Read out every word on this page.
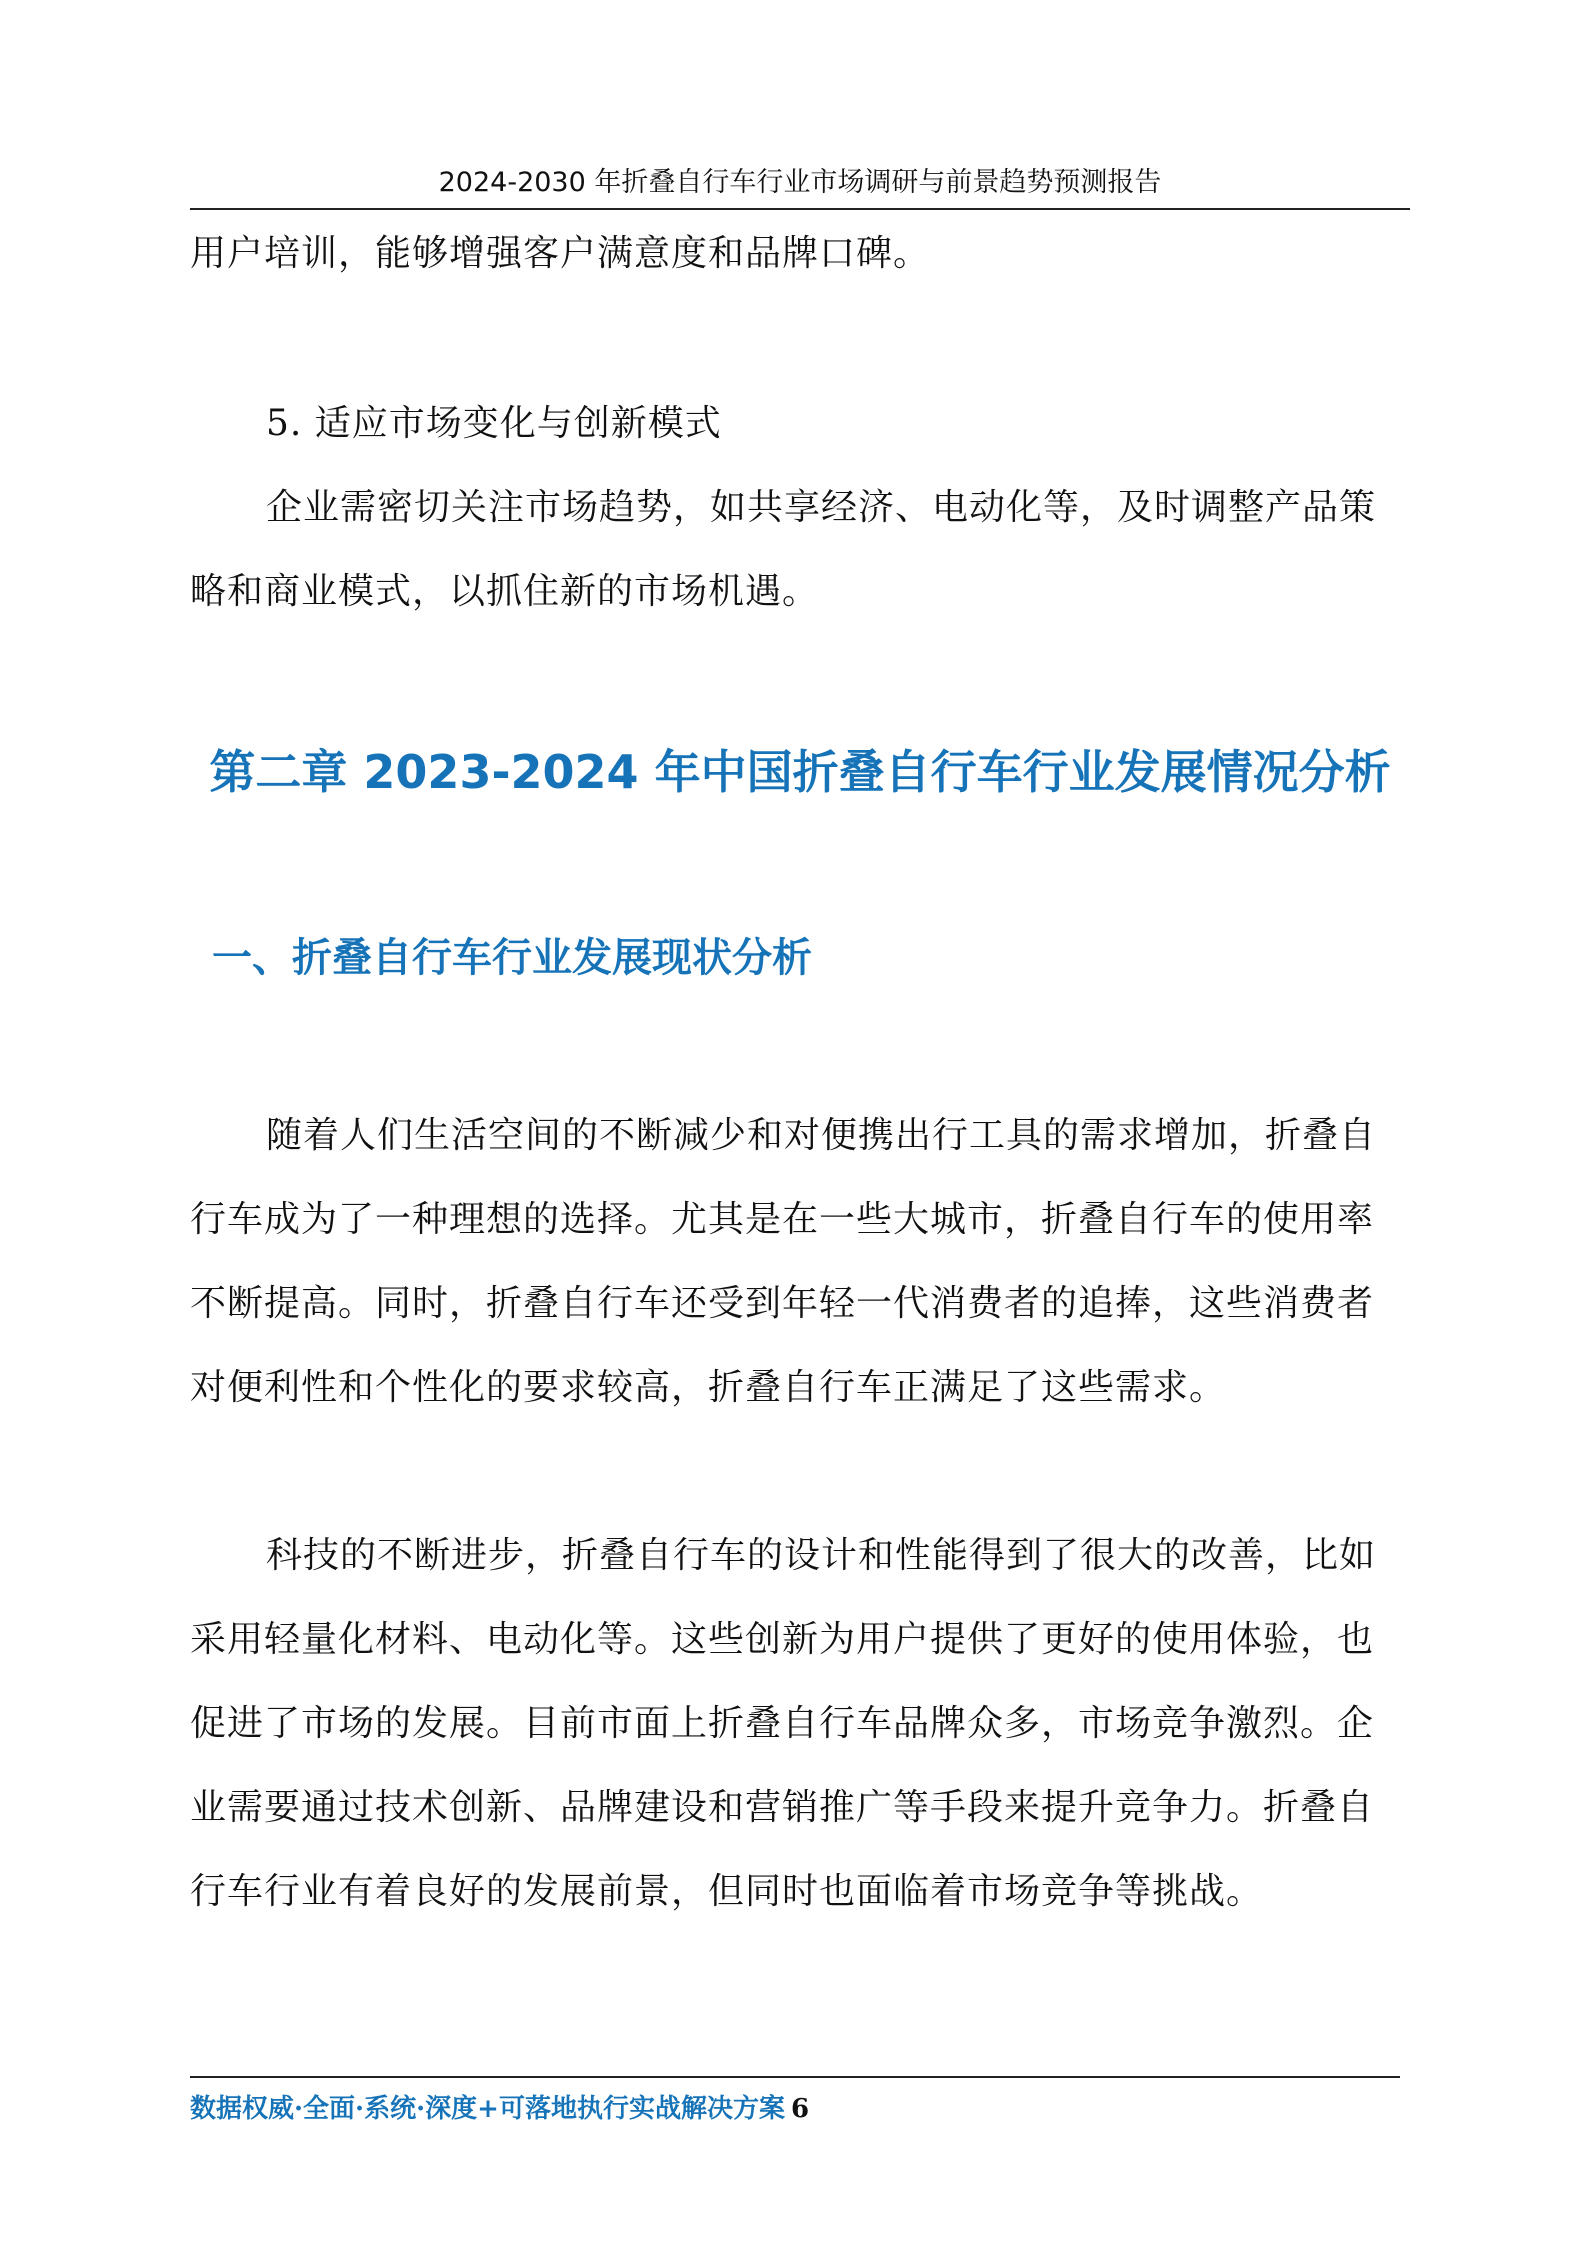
2024-2030 年折叠自行车行业市场调研与前景趋势预测报告

用户培训，能够增强客户满意度和品牌口碑。

5. 适应市场变化与创新模式

企业需密切关注市场趋势，如共享经济、电动化等，及时调整产品策略和商业模式，以抓住新的市场机遇。

第二章 2023-2024 年中国折叠自行车行业发展情况分析
一、折叠自行车行业发展现状分析

随着人们生活空间的不断减少和对便携出行工具的需求增加，折叠自行车成为了一种理想的选择。尤其是在一些大城市，折叠自行车的使用率不断提高。同时，折叠自行车还受到年轻一代消费者的追捧，这些消费者对便利性和个性化的要求较高，折叠自行车正满足了这些需求。

科技的不断进步，折叠自行车的设计和性能得到了很大的改善，比如采用轻量化材料、电动化等。这些创新为用户提供了更好的使用体验，也促进了市场的发展。目前市面上折叠自行车品牌众多，市场竞争激烈。企业需要通过技术创新、品牌建设和营销推广等手段来提升竞争力。折叠自行车行业有着良好的发展前景，但同时也面临着市场竞争等挑战。

数据权威·全面·系统·深度+可落地执行实战解决方案 6
